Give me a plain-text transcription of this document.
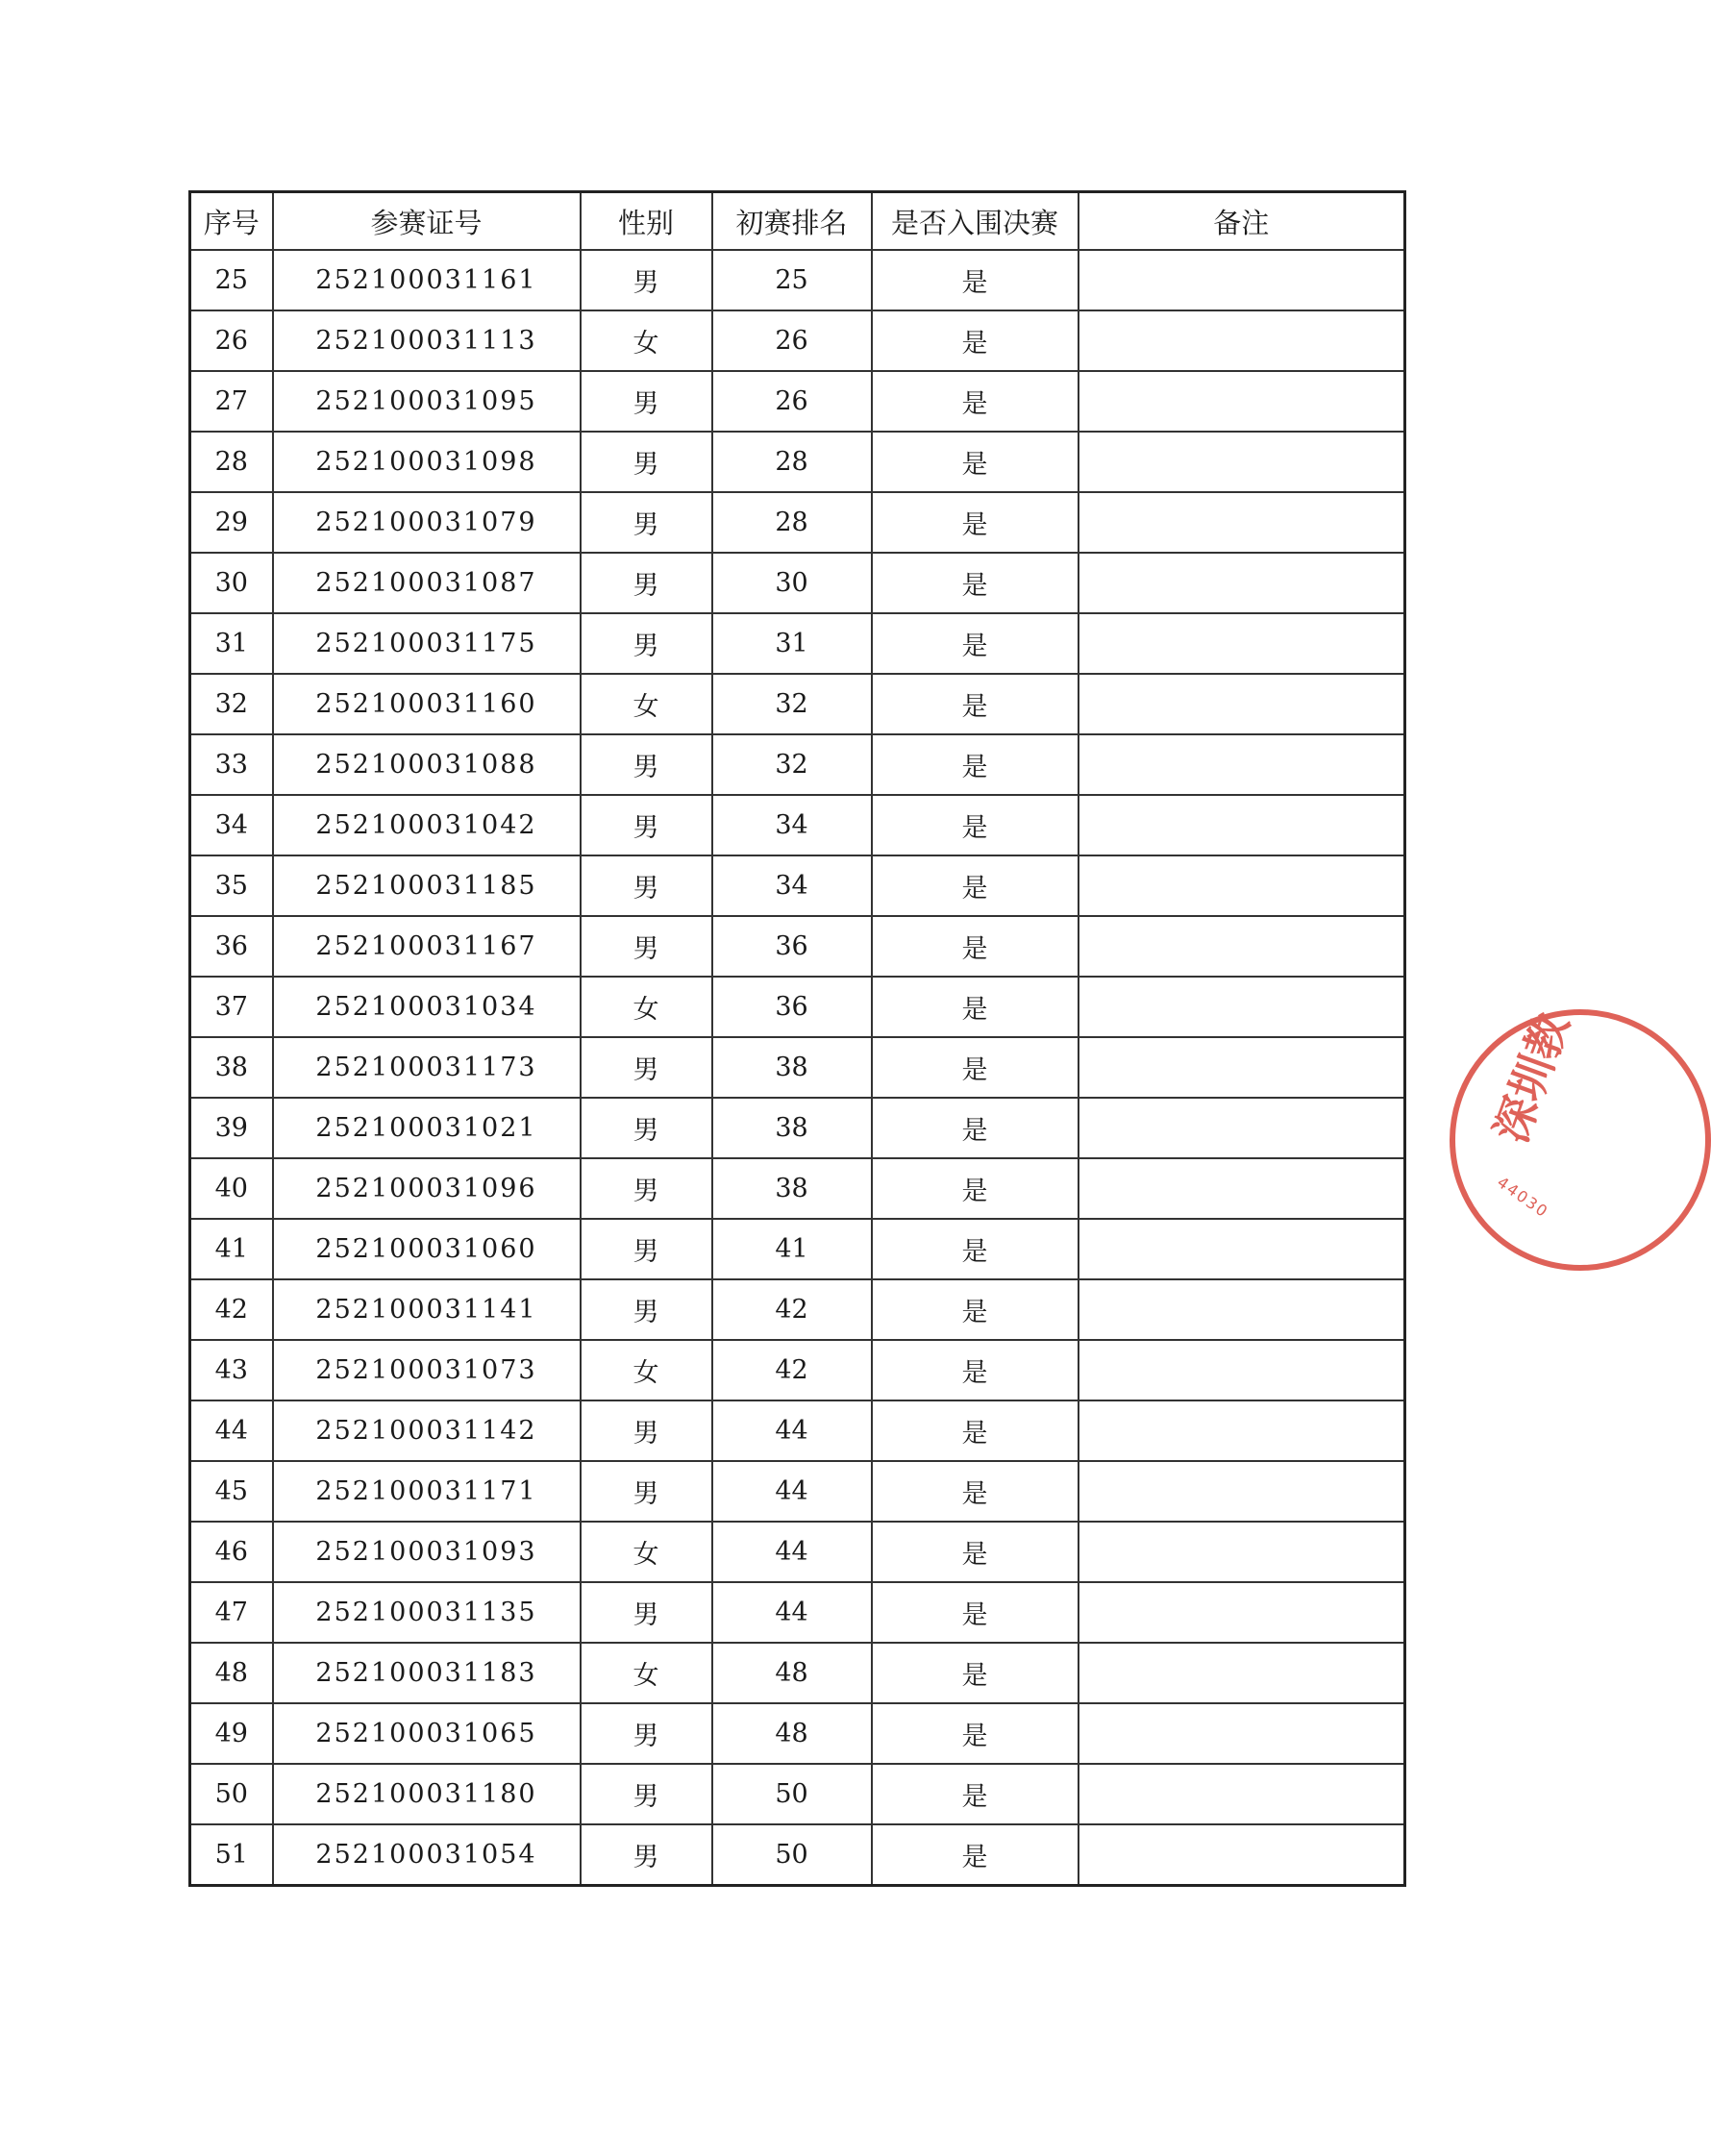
序号	参赛证号	性别	初赛排名	是否入围决赛	备注
25	252100031161	男	25	是	
26	252100031113	女	26	是	
27	252100031095	男	26	是	
28	252100031098	男	28	是	
29	252100031079	男	28	是	
30	252100031087	男	30	是	
31	252100031175	男	31	是	
32	252100031160	女	32	是	
33	252100031088	男	32	是	
34	252100031042	男	34	是	
35	252100031185	男	34	是	
36	252100031167	男	36	是	
37	252100031034	女	36	是	
38	252100031173	男	38	是	
39	252100031021	男	38	是	
40	252100031096	男	38	是	
41	252100031060	男	41	是	
42	252100031141	男	42	是	
43	252100031073	女	42	是	
44	252100031142	男	44	是	
45	252100031171	男	44	是	
46	252100031093	女	44	是	
47	252100031135	男	44	是	
48	252100031183	女	48	是	
49	252100031065	男	48	是	
50	252100031180	男	50	是	
51	252100031054	男	50	是	
深圳教
44030
